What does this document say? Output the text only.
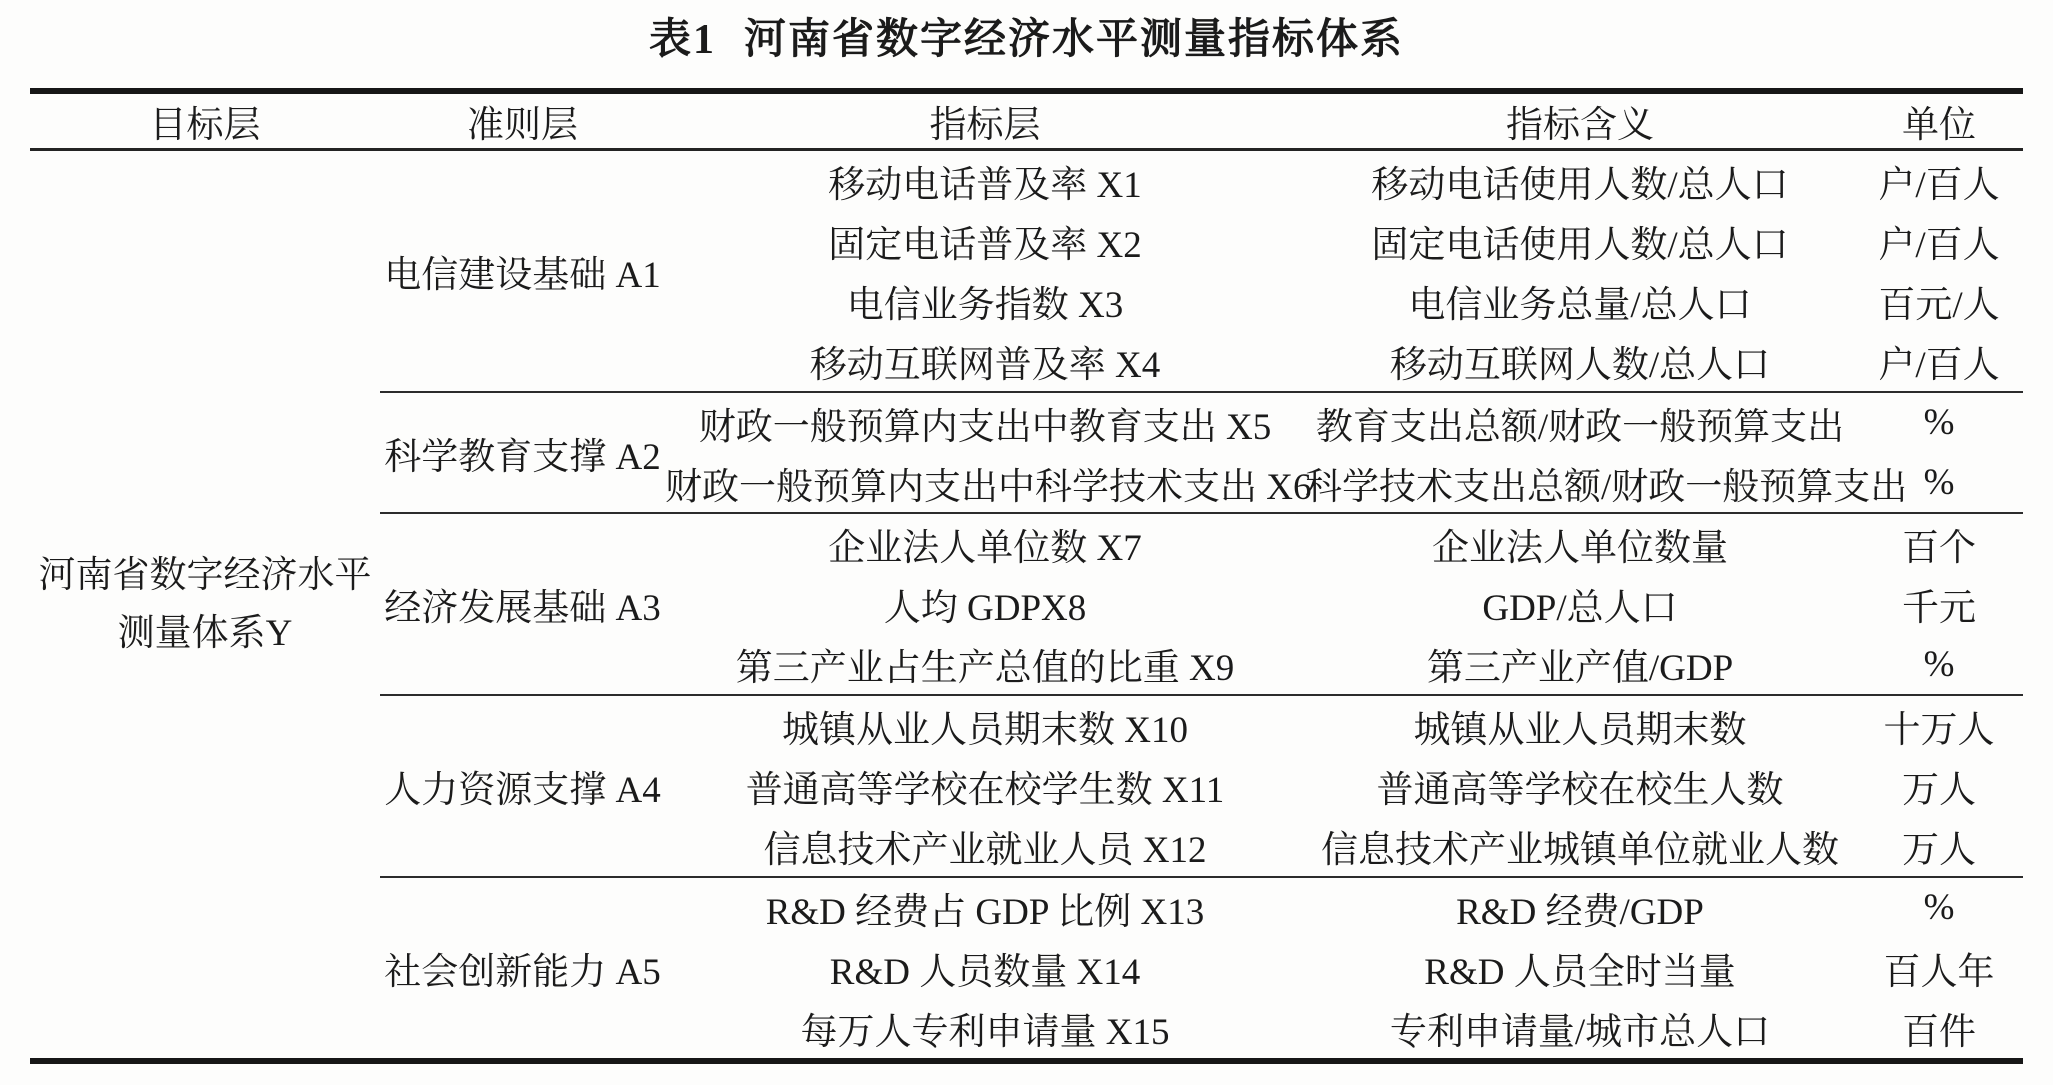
表1 河南省数字经济水平测量指标体系
目标层	准则层	指标层	指标含义	单位
河南省数字经济水平测量体系Y	电信建设基础 A1	移动电话普及率 X1	移动电话使用人数/总人口	户/百人
		固定电话普及率 X2	固定电话使用人数/总人口	户/百人
		电信业务指数 X3	电信业务总量/总人口	百元/人
		移动互联网普及率 X4	移动互联网人数/总人口	户/百人
	科学教育支撑 A2	财政一般预算内支出中教育支出 X5	教育支出总额/财政一般预算支出	%
		财政一般预算内支出中科学技术支出 X6	科学技术支出总额/财政一般预算支出	%
	经济发展基础 A3	企业法人单位数 X7	企业法人单位数量	百个
		人均 GDPX8	GDP/总人口	千元
		第三产业占生产总值的比重 X9	第三产业产值/GDP	%
	人力资源支撑 A4	城镇从业人员期末数 X10	城镇从业人员期末数	十万人
		普通高等学校在校学生数 X11	普通高等学校在校生人数	万人
		信息技术产业就业人员 X12	信息技术产业城镇单位就业人数	万人
	社会创新能力 A5	R&D 经费占 GDP 比例 X13	R&D 经费/GDP	%
		R&D 人员数量 X14	R&D 人员全时当量	百人年
		每万人专利申请量 X15	专利申请量/城市总人口	百件
